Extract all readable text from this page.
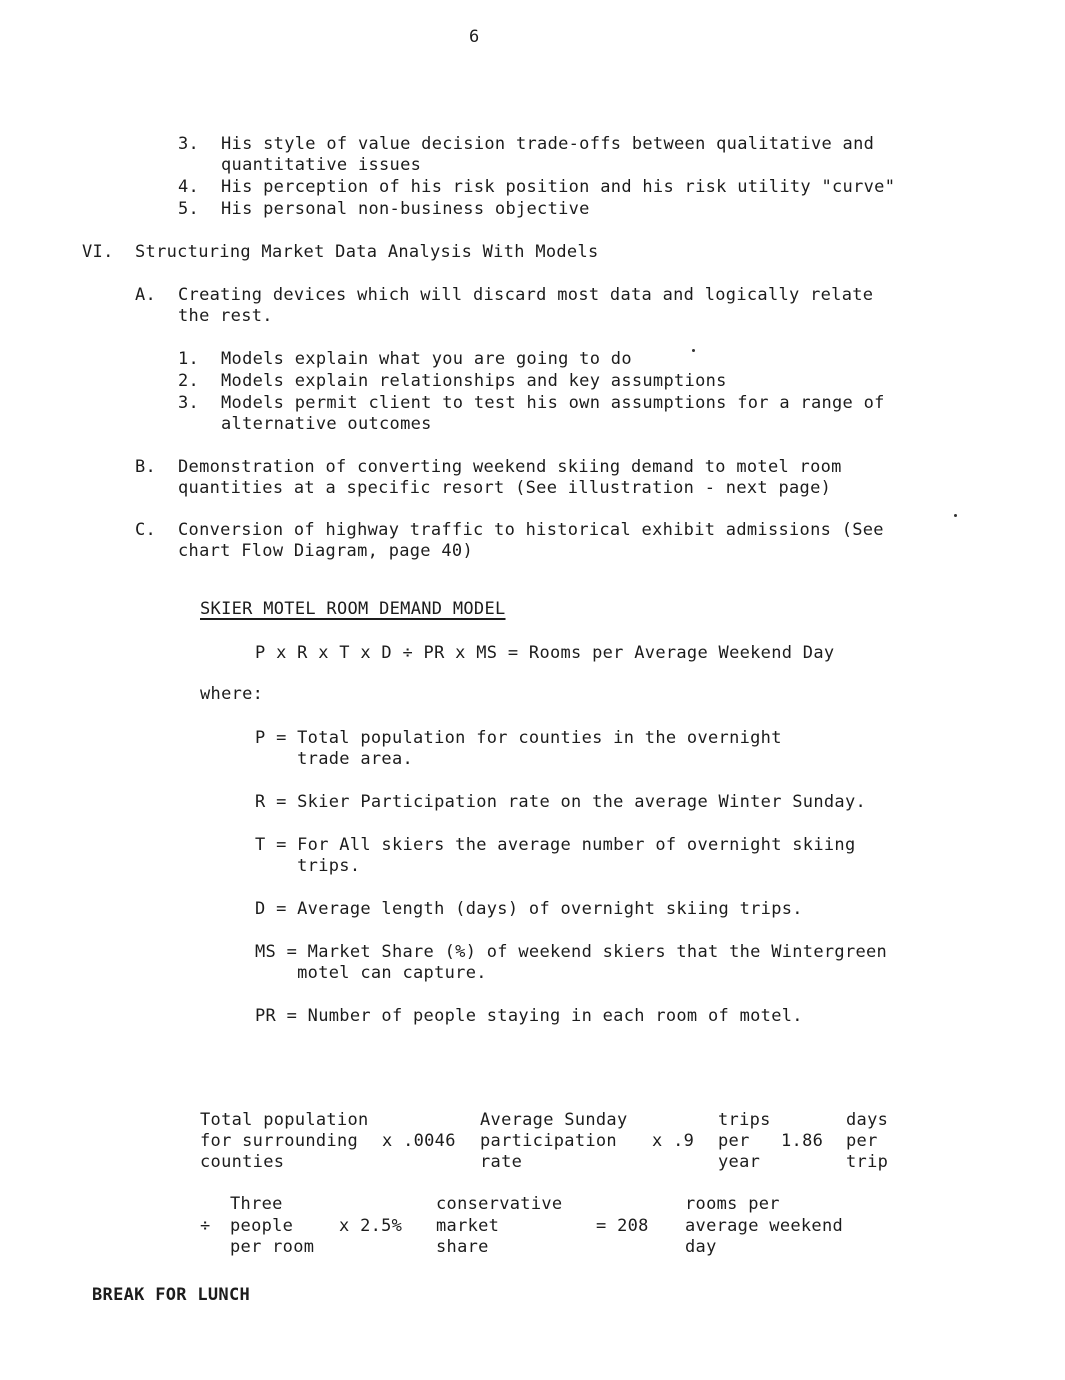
6
3. His style of value decision trade-offs between qualitative and
quantitative issues
4. His perception of his risk position and his risk utility "curve"
5. His personal non-business objective
VI. Structuring Market Data Analysis With Models
A. Creating devices which will discard most data and logically relate
the rest.
1. Models explain what you are going to do
2. Models explain relationships and key assumptions
3. Models permit client to test his own assumptions for a range of
alternative outcomes
B. Demonstration of converting weekend skiing demand to motel room
quantities at a specific resort (See illustration - next page)
C. Conversion of highway traffic to historical exhibit admissions (See
chart Flow Diagram, page 40)
SKIER MOTEL ROOM DEMAND MODEL
P x R x T x D ÷ PR x MS = Rooms per Average Weekend Day
where:
P = Total population for counties in the overnight
trade area.
R = Skier Participation rate on the average Winter Sunday.
T = For All skiers the average number of overnight skiing
trips.
D = Average length (days) of overnight skiing trips.
MS = Market Share (%) of weekend skiers that the Wintergreen
motel can capture.
PR = Number of people staying in each room of motel.
Total population
for surrounding
counties
x .0046
Average Sunday
participation
rate
x .9
trips
per
year
1.86
days
per
trip
÷
Three
people
per room
x 2.5%
conservative
market
share
= 208
rooms per
average weekend
day
BREAK FOR LUNCH
